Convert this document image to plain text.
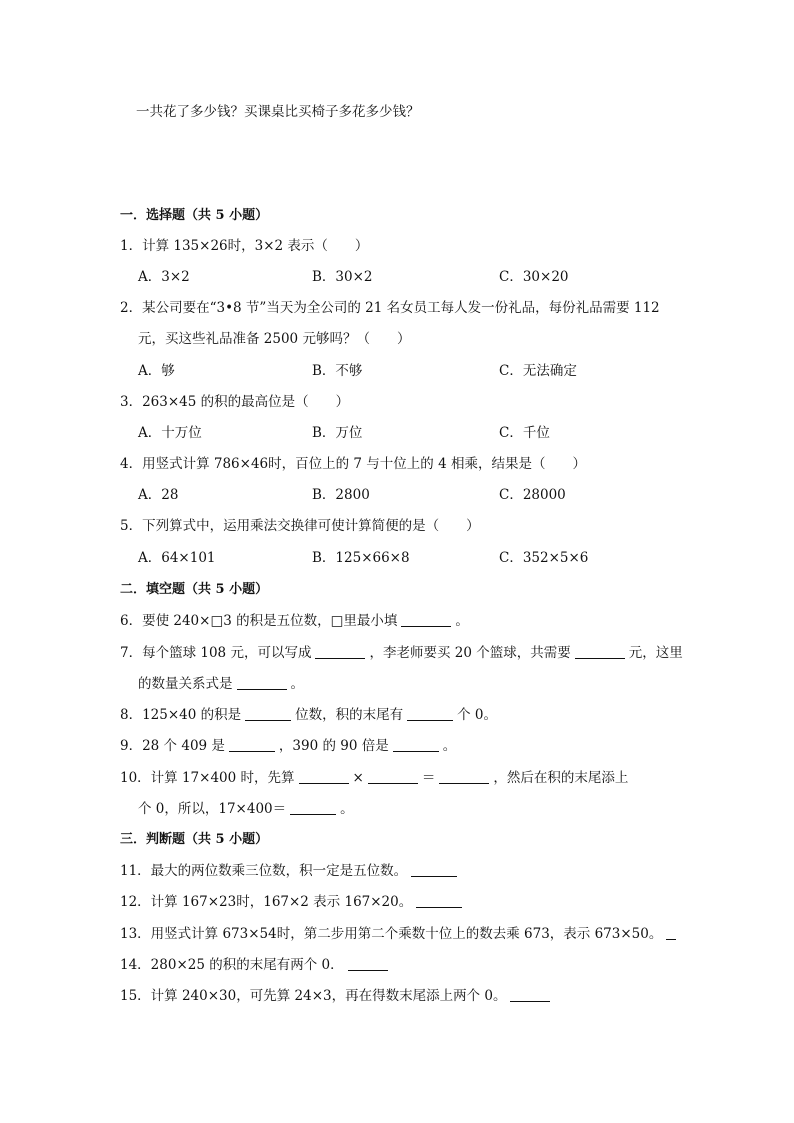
一共花了多少钱？买课桌比买椅子多花多少钱？
一．选择题（共 5 小题）
1．计算 135×26时，3×2 表示（　　）
A．3×2	B．30×2	C．30×20
2．某公司要在“3•8 节”当天为全公司的 21 名女员工每人发一份礼品，每份礼品需要 112
元，买这些礼品准备 2500 元够吗？（　　）
A．够	B．不够	C．无法确定
3．263×45 的积的最高位是（　　）
A．十万位	B．万位	C．千位
4．用竖式计算 786×46时，百位上的 7 与十位上的 4 相乘，结果是（　　）
A．28	B．2800	C．28000
5．下列算式中，运用乘法交换律可使计算简便的是（　　）
A．64×101	B．125×66×8	C．352×5×6
二．填空题（共 5 小题）
6．要使 240×□3 的积是五位数，□里最小填	。
7．每个篮球 108 元，可以写成	，李老师要买 20 个篮球，共需要	元，这里
的数量关系式是	。
8．125×40 的积是	位数，积的末尾有	个 0。
9．28 个 409 是	，390 的 90 倍是	。
10．计算 17×400 时，先算	×	＝	，然后在积的末尾添上
个 0，所以，17×400＝	。
三．判断题（共 5 小题）
11．最大的两位数乘三位数，积一定是五位数。
12．计算 167×23时，167×2 表示 167×20。
13．用竖式计算 673×54时，第二步用第二个乘数十位上的数去乘 673，表示 673×50。
14．280×25 的积的末尾有两个 0．
15．计算 240×30，可先算 24×3，再在得数末尾添上两个 0。
